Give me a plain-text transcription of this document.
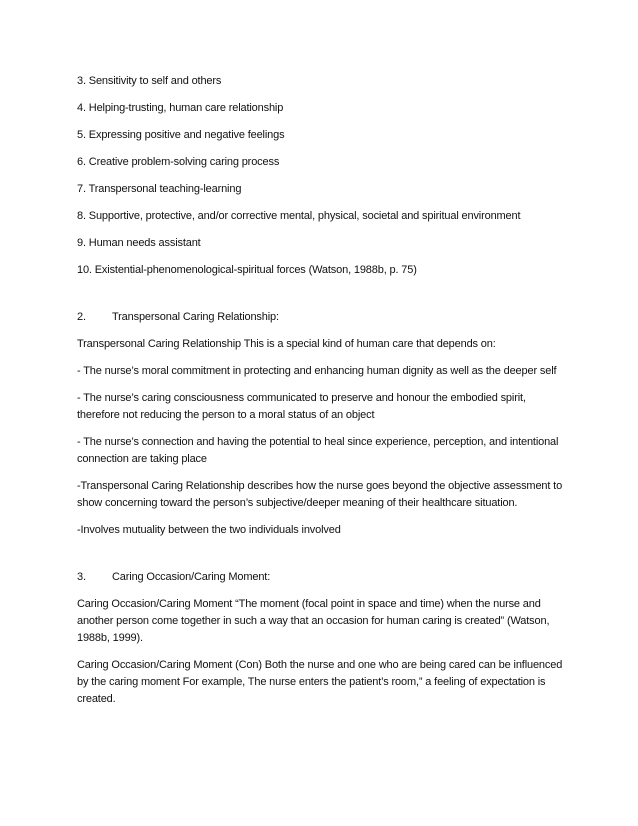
3. Sensitivity to self and others

4. Helping-trusting, human care relationship

5. Expressing positive and negative feelings

6. Creative problem-solving caring process

7. Transpersonal teaching-learning

8. Supportive, protective, and/or corrective mental, physical, societal and spiritual environment

9. Human needs assistant

10. Existential-phenomenological-spiritual forces (Watson, 1988b, p. 75)

2.	Transpersonal Caring Relationship:

Transpersonal Caring Relationship This is a special kind of human care that depends on:

- The nurse’s moral commitment in protecting and enhancing human dignity as well as the deeper self

- The nurse’s caring consciousness communicated to preserve and honour the embodied spirit, therefore not reducing the person to a moral status of an object

- The nurse’s connection and having the potential to heal since experience, perception, and intentional connection are taking place

-Transpersonal Caring Relationship describes how the nurse goes beyond the objective assessment to show concerning toward the person’s subjective/deeper meaning of their healthcare situation.

-Involves mutuality between the two individuals involved

3.	Caring Occasion/Caring Moment:

Caring Occasion/Caring Moment “The moment (focal point in space and time) when the nurse and another person come together in such a way that an occasion for human caring is created” (Watson, 1988b, 1999).

Caring Occasion/Caring Moment (Con) Both the nurse and one who are being cared can be influenced by the caring moment For example, The nurse enters the patient’s room,” a feeling of expectation is created.
